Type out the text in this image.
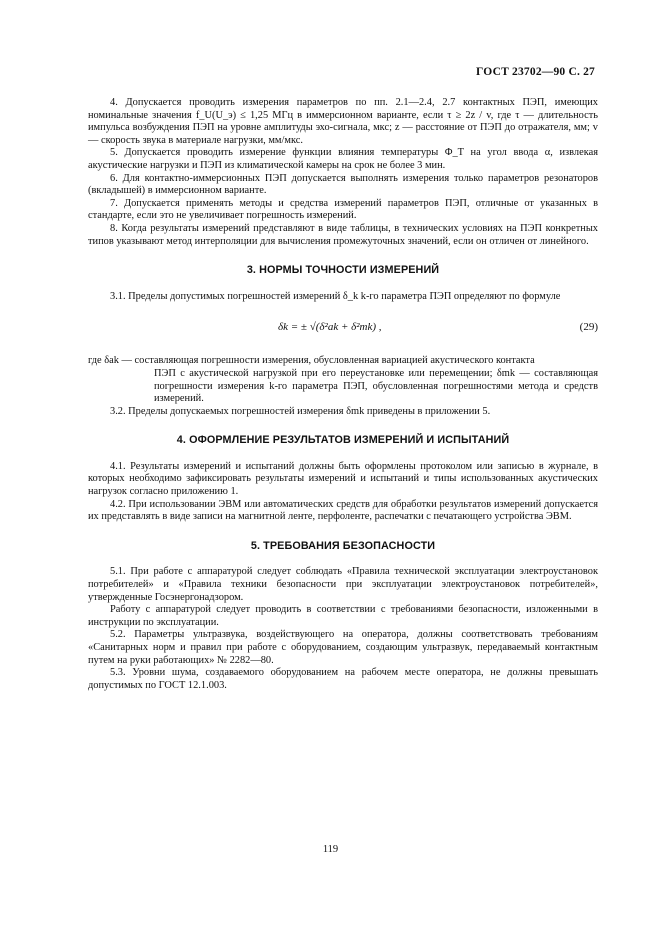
ГОСТ 23702—90 С. 27

4. Допускается проводить измерения параметров по пп. 2.1—2.4, 2.7 контактных ПЭП, имеющих номинальные значения f_U(U_э) ≤ 1,25 МГц в иммерсионном варианте, если τ ≥ 2z / v, где τ — длительность импульса возбуждения ПЭП на уровне амплитуды эхо-сигнала, мкс; z — расстояние от ПЭП до отражателя, мм; v — скорость звука в материале нагрузки, мм/мкс.

5. Допускается проводить измерение функции влияния температуры Φ_T на угол ввода α, извлекая акустические нагрузки и ПЭП из климатической камеры на срок не более 3 мин.

6. Для контактно-иммерсионных ПЭП допускается выполнять измерения только параметров резонаторов (вкладышей) в иммерсионном варианте.

7. Допускается применять методы и средства измерений параметров ПЭП, отличные от указанных в стандарте, если это не увеличивает погрешность измерений.

8. Когда результаты измерений представляют в виде таблицы, в технических условиях на ПЭП конкретных типов указывают метод интерполяции для вычисления промежуточных значений, если он отличен от линейного.

3. НОРМЫ ТОЧНОСТИ ИЗМЕРЕНИЙ

3.1. Пределы допустимых погрешностей измерений δ_k k-го параметра ПЭП определяют по формуле

δk = ± √(δ²ak + δ²mk) ,	(29)

где δak — составляющая погрешности измерения, обусловленная вариацией акустического контакта

ПЭП с акустической нагрузкой при его переустановке или перемещении; δmk — составляющая погрешности измерения k-го параметра ПЭП, обусловленная погрешностями метода и средств измерений.

3.2. Пределы допускаемых погрешностей измерения δmk приведены в приложении 5.

4. ОФОРМЛЕНИЕ РЕЗУЛЬТАТОВ ИЗМЕРЕНИЙ И ИСПЫТАНИЙ

4.1. Результаты измерений и испытаний должны быть оформлены протоколом или записью в журнале, в которых необходимо зафиксировать результаты измерений и испытаний и типы использованных акустических нагрузок согласно приложению 1.

4.2. При использовании ЭВМ или автоматических средств для обработки результатов измерений допускается их представлять в виде записи на магнитной ленте, перфоленте, распечатки с печатающего устройства ЭВМ.

5. ТРЕБОВАНИЯ БЕЗОПАСНОСТИ

5.1. При работе с аппаратурой следует соблюдать «Правила технической эксплуатации электроустановок потребителей» и «Правила техники безопасности при эксплуатации электроустановок потребителей», утвержденные Госэнергонадзором.

Работу с аппаратурой следует проводить в соответствии с требованиями безопасности, изложенными в инструкции по эксплуатации.

5.2. Параметры ультразвука, воздействующего на оператора, должны соответствовать требованиям «Санитарных норм и правил при работе с оборудованием, создающим ультразвук, передаваемый контактным путем на руки работающих» № 2282—80.

5.3. Уровни шума, создаваемого оборудованием на рабочем месте оператора, не должны превышать допустимых по ГОСТ 12.1.003.

119
